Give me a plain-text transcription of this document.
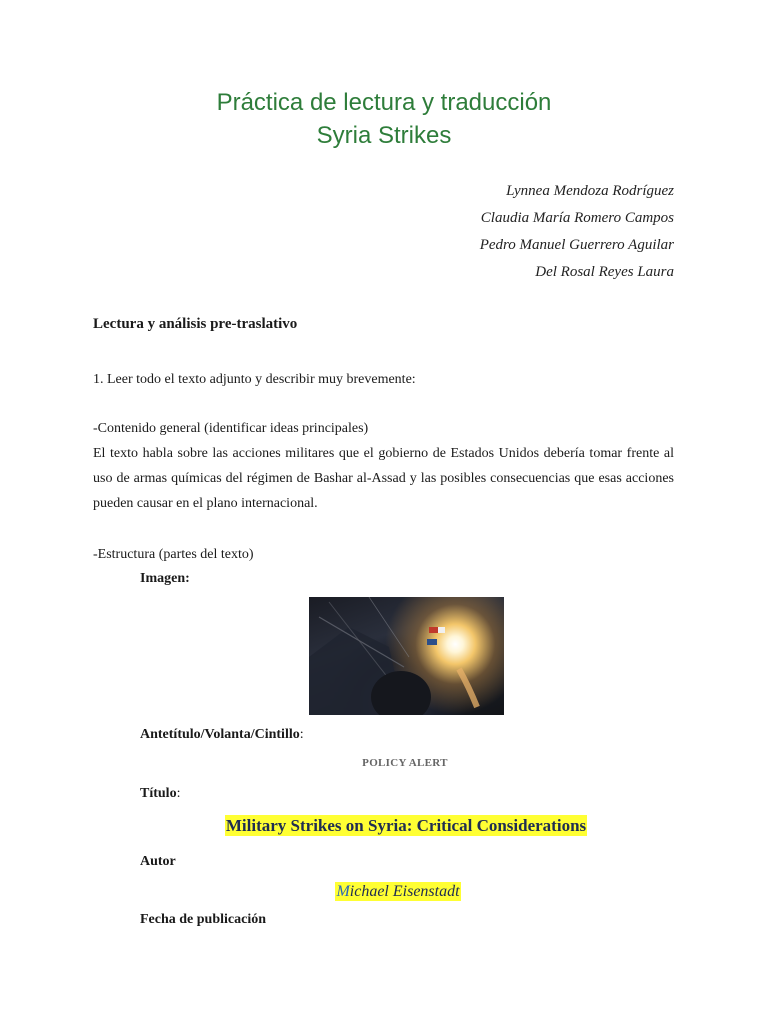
Práctica de lectura y traducción
Syria Strikes
Lynnea Mendoza Rodríguez
Claudia María Romero Campos
Pedro Manuel Guerrero Aguilar
Del Rosal Reyes Laura
Lectura y análisis pre-traslativo
1. Leer todo el texto adjunto y describir muy brevemente:
-Contenido general (identificar ideas principales)
El texto habla sobre las acciones militares que el gobierno de Estados Unidos debería tomar frente al uso de armas químicas del régimen de Bashar al-Assad y las posibles consecuencias que esas acciones pueden causar en el plano internacional.
-Estructura (partes del texto)
Imagen:
Antetítulo/Volanta/Cintillo:
POLICY ALERT
Título:
Military Strikes on Syria: Critical Considerations
Autor
Michael Eisenstadt
Fecha de publicación
